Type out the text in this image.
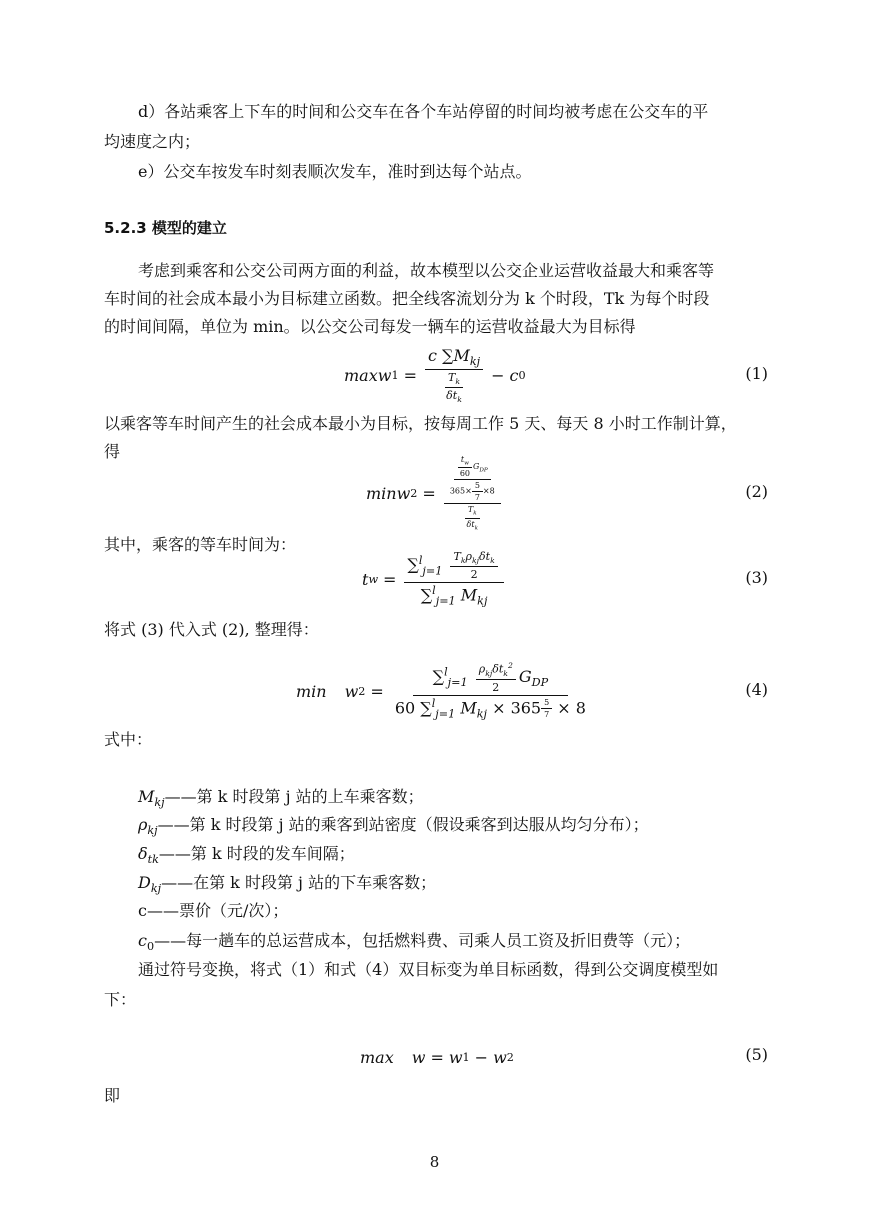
d）各站乘客上下车的时间和公交车在各个车站停留的时间均被考虑在公交车的平
均速度之内；
e）公交车按发车时刻表顺次发车，准时到达每个站点。
5.2.3 模型的建立
考虑到乘客和公交公司两方面的利益，故本模型以公交企业运营收益最大和乘客等
车时间的社会成本最小为目标建立函数。把全线客流划分为 k 个时段，Tk 为每个时段
的时间间隔，单位为 min。以公交公司每发一辆车的运营收益最大为目标得
maxw $1 = \frac{c \sum M_{kj}}{\frac{T_k}{\delta t_k}} - c$ 0	(1)
以乘客等车时间产生的社会成本最小为目标，按每周工作 5 天、每天 8 小时工作制计算，
得
minw 2 =	$\frac{\frac{\frac{t_w}{60} G_{DP}}{365\times \frac{5}{7} \times 8}}{\frac{T_k}{\delta t_k}}$	(2)
其中，乘客的等车时间为：
t $w = \frac{\sum^l_{j=1} \frac{T_k\rho_{kj}\delta t_k}{2}}{\sum^l_{j=1} M_{kj}}$	(3)
将式 (3) 代入式 (2), 整理得：
min w $2 = \frac{\sum^l_{j=1} \frac{\rho_{kj}\delta t_k^2}{2} G_{DP}}{60 \sum^l_{j=1} M_{kj} \times 365 \frac{5}{7} \times 8}$	(4)
式中：
$M_{kj}——$第 k 时段第 j 站的上车乘客数；
$\rho_{kj}——$第 k 时段第 j 站的乘客到站密度（假设乘客到达服从均匀分布）；
$\delta_{tk}——$第 k 时段的发车间隔；
$D_{kj}——$在第 k 时段第 j 站的下车乘客数；
c——票价（元/次）；
$c_0——$每一趟车的总运营成本，包括燃料费、司乘人员工资及折旧费等（元）；
通过符号变换，将式（1）和式（4）双目标变为单目标函数，得到公交调度模型如
下：
max w = w 1 − w 2	(5)
即
8
